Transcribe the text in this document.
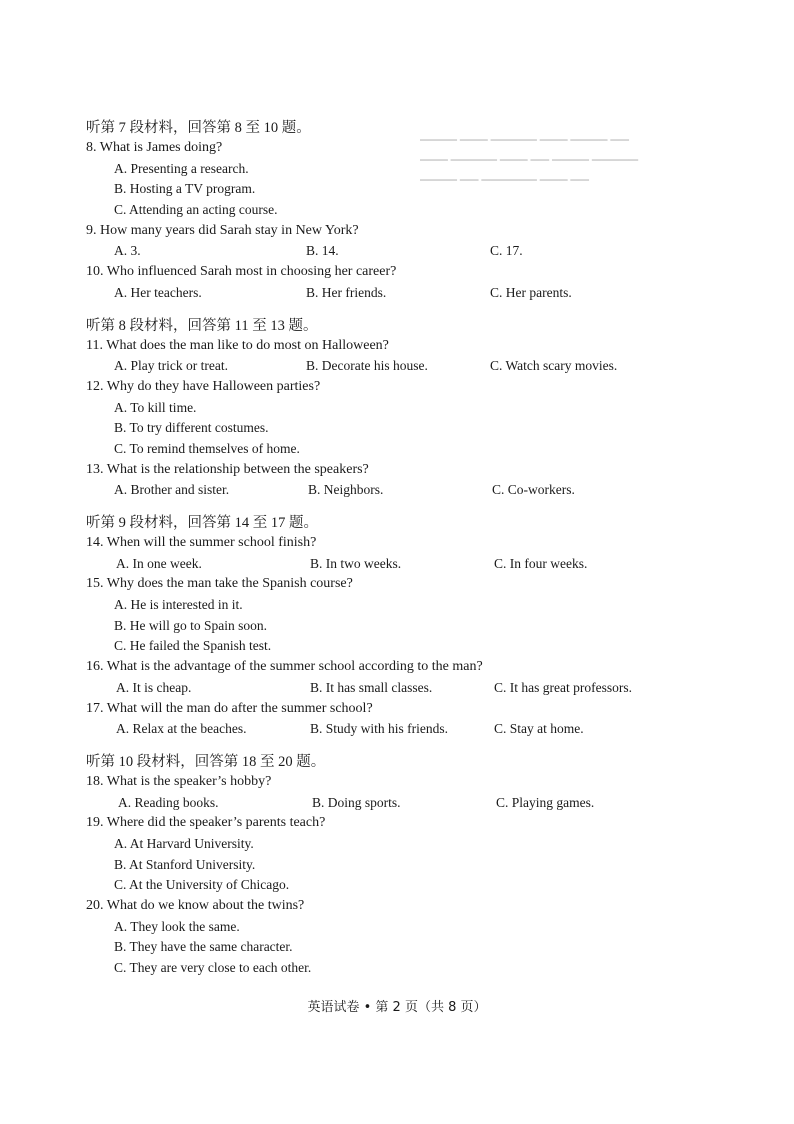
▁▁▁▁ ▁▁▁ ▁▁▁▁▁ ▁▁▁ ▁▁▁▁ ▁▁
▁▁▁ ▁▁▁▁▁ ▁▁▁ ▁▁ ▁▁▁▁ ▁▁▁▁▁
▁▁▁▁ ▁▁ ▁▁▁▁▁▁ ▁▁▁ ▁▁
听第 7 段材料，回答第 8 至 10 题。
8. What is James doing?
A. Presenting a research.
B. Hosting a TV program.
C. Attending an acting course.
9. How many years did Sarah stay in New York?
A. 3.	B. 14.	C. 17.
10. Who influenced Sarah most in choosing her career?
A. Her teachers.	B. Her friends.	C. Her parents.
听第 8 段材料，回答第 11 至 13 题。
11. What does the man like to do most on Halloween?
A. Play trick or treat.	B. Decorate his house.	C. Watch scary movies.
12. Why do they have Halloween parties?
A. To kill time.
B. To try different costumes.
C. To remind themselves of home.
13. What is the relationship between the speakers?
A. Brother and sister.	B. Neighbors.	C. Co-workers.
听第 9 段材料，回答第 14 至 17 题。
14. When will the summer school finish?
A. In one week.	B. In two weeks.	C. In four weeks.
15. Why does the man take the Spanish course?
A. He is interested in it.
B. He will go to Spain soon.
C. He failed the Spanish test.
16. What is the advantage of the summer school according to the man?
A. It is cheap.	B. It has small classes.	C. It has great professors.
17. What will the man do after the summer school?
A. Relax at the beaches.	B. Study with his friends.	C. Stay at home.
听第 10 段材料，回答第 18 至 20 题。
18. What is the speaker’s hobby?
A. Reading books.	B. Doing sports.	C. Playing games.
19. Where did the speaker’s parents teach?
A. At Harvard University.
B. At Stanford University.
C. At the University of Chicago.
20. What do we know about the twins?
A. They look the same.
B. They have the same character.
C. They are very close to each other.
英语试卷 • 第 2 页（共 8 页）
